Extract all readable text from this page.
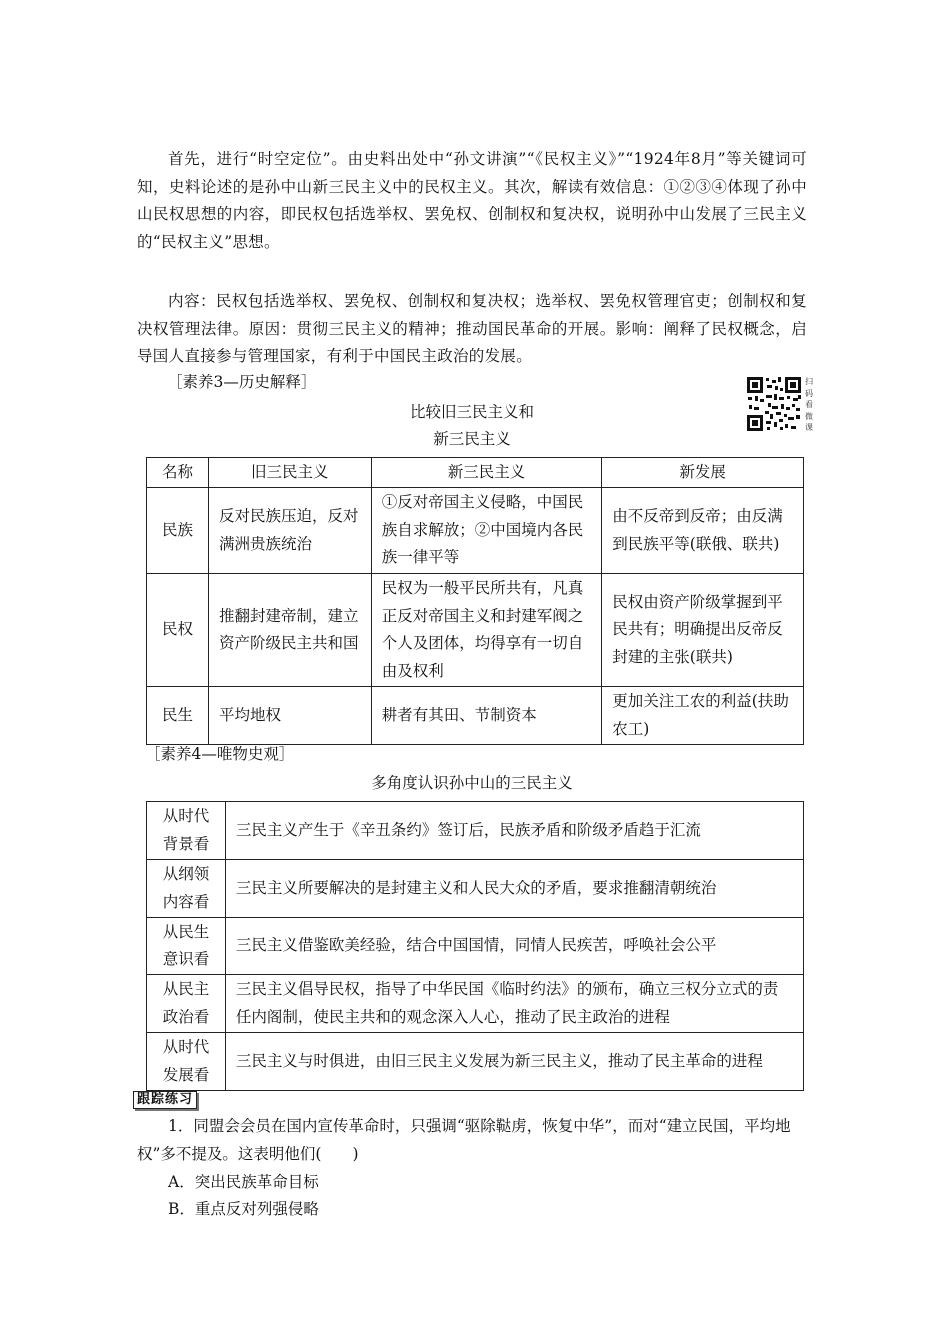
首先，进行“时空定位”。由史料出处中“孙文讲演”“《民权主义》”“1924年8月”等关键词可知，史料论述的是孙中山新三民主义中的民权主义。其次，解读有效信息：①②③④体现了孙中山民权思想的内容，即民权包括选举权、罢免权、创制权和复决权，说明孙中山发展了三民主义的“民权主义”思想。

内容：民权包括选举权、罢免权、创制权和复决权；选举权、罢免权管理官吏；创制权和复决权管理法律。原因：贯彻三民主义的精神；推动国民革命的开展。影响：阐释了民权概念，启导国人直接参与管理国家，有利于中国民主政治的发展。

［素养3—历史解释］	扫码看微课
比较旧三民主义和
新三民主义
名称	旧三民主义	新三民主义	新发展
民族	反对民族压迫，反对满洲贵族统治	①反对帝国主义侵略，中国民族自求解放；②中国境内各民族一律平等	由不反帝到反帝；由反满到民族平等(联俄、联共)
民权	推翻封建帝制，建立资产阶级民主共和国	民权为一般平民所共有，凡真正反对帝国主义和封建军阀之个人及团体，均得享有一切自由及权利	民权由资产阶级掌握到平民共有；明确提出反帝反封建的主张(联共)
民生	平均地权	耕者有其田、节制资本	更加关注工农的利益(扶助农工)
［素养4—唯物史观］
多角度认识孙中山的三民主义
从时代背景看	三民主义产生于《辛丑条约》签订后，民族矛盾和阶级矛盾趋于汇流
从纲领内容看	三民主义所要解决的是封建主义和人民大众的矛盾，要求推翻清朝统治
从民生意识看	三民主义借鉴欧美经验，结合中国国情，同情人民疾苦，呼唤社会公平
从民主政治看	三民主义倡导民权，指导了中华民国《临时约法》的颁布，确立三权分立式的责任内阁制，使民主共和的观念深入人心，推动了民主政治的进程
从时代发展看	三民主义与时俱进，由旧三民主义发展为新三民主义，推动了民主革命的进程
跟踪练习

1．同盟会会员在国内宣传革命时，只强调“驱除鞑虏，恢复中华”，而对“建立民国，平均地权”多不提及。这表明他们(　　)

A．突出民族革命目标
B．重点反对列强侵略
